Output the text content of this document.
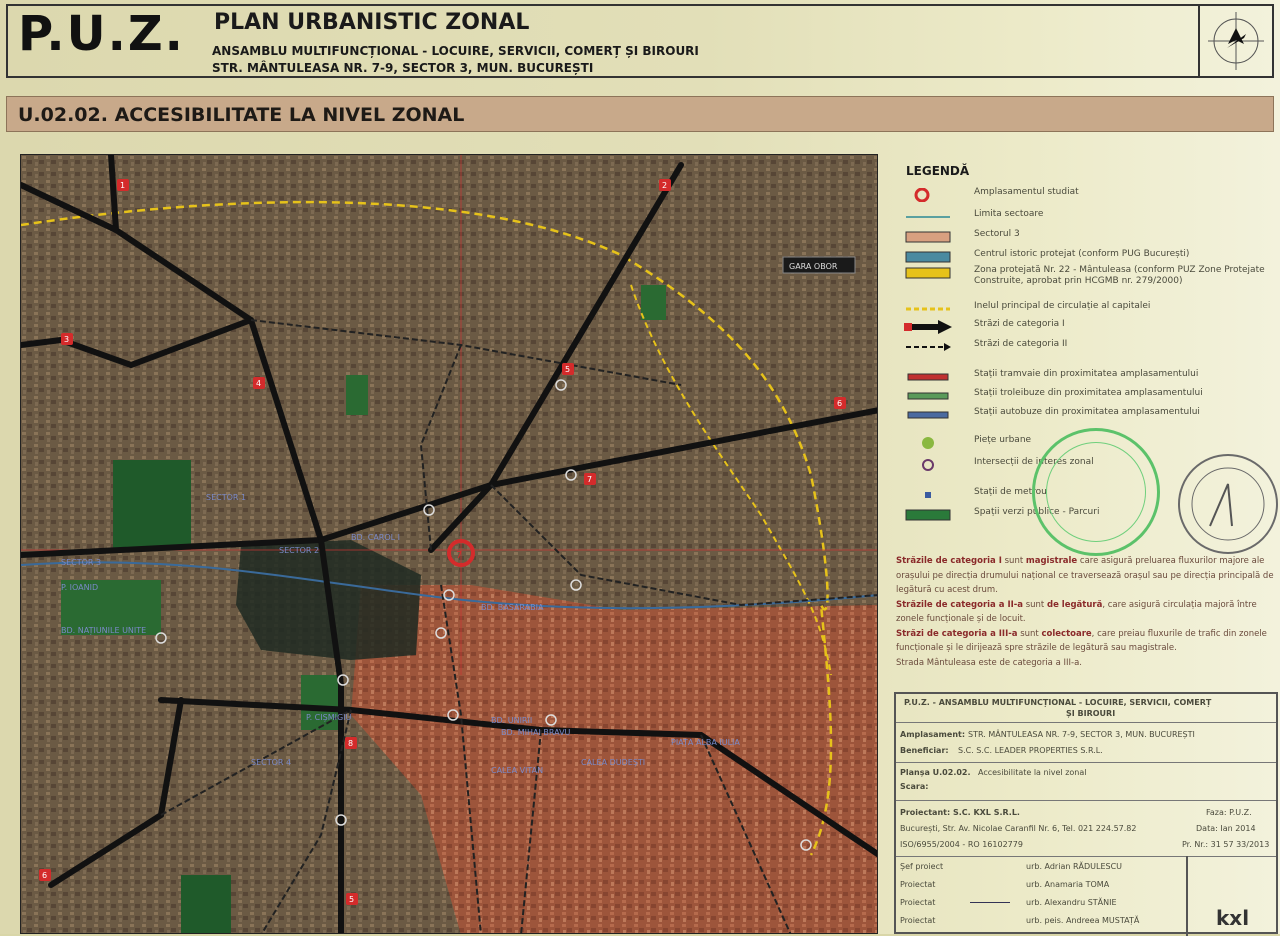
P.U.Z. PLAN URBANISTIC ZONAL
ANSAMBLU MULTIFUNCȚIONAL - LOCUIRE, SERVICII, COMERȚ ȘI BIROURI
STR. MÂNTULEASA NR. 7-9, SECTOR 3, MUN. BUCUREȘTI
U.02.02. ACCESIBILITATE LA NIVEL ZONAL
7
1	2
3
4
5
6
7
8
6
5
GARA OBOR
SECTOR 1
SECTOR 2
SECTOR 4
BD. NAȚIUNILE UNITE
BD. UNIRII
BD. BASARABIA
BD. MIHAI BRAVU
PIAȚA ALBA IULIA
CALEA DUDEȘTI
CALEA VITAN
BD. CAROL I
SECTOR 3
P. IOANID
P. CIȘMIGIU
LEGENDĂ
Amplasamentul studiat
Limita sectoare
Sectorul 3
Centrul istoric protejat (conform PUG București)
Zona protejată Nr. 22 - Mântuleasa (conform PUZ Zone Protejate Construite, aprobat prin HCGMB nr. 279/2000)
Inelul principal de circulație al capitalei
Străzi de categoria I
Străzi de categoria II
Stații tramvaie din proximitatea amplasamentului
Stații troleibuze din proximitatea amplasamentului
Stații autobuze din proximitatea amplasamentului
Piețe urbane
Intersecții de interes zonal
Stații de metrou
Spații verzi publice - Parcuri
Străzile de categoria I sunt magistrale care asigură preluarea fluxurilor majore ale orașului pe direcția drumului național ce traversează orașul sau pe direcția principală de legătură cu acest drum.
Străzile de categoria a II-a sunt de legătură, care asigură circulația majoră între zonele funcționale și de locuit.
Străzi de categoria a III-a sunt colectoare, care preiau fluxurile de trafic din zonele funcționale și le dirijează spre străzile de legătură sau magistrale.
Strada Mântuleasa este de categoria a III-a.
P.U.Z. - ANSAMBLU MULTIFUNCȚIONAL - LOCUIRE, SERVICII, COMERȚ
ȘI BIROURI
Amplasament: STR. MÂNTULEASA NR. 7-9, SECTOR 3, MUN. BUCUREȘTI
Beneficiar: S.C. S.C. LEADER PROPERTIES S.R.L.
Planșa U.02.02. Accesibilitate la nivel zonal
Scara:
Proiectant: S.C. KXL S.R.L.	Faza: P.U.Z.
București, Str. Av. Nicolae Caranfil Nr. 6, Tel. 021 224.57.82	Data: Ian 2014
ISO/6955/2004 - RO 16102779	Pr. Nr.: 31 57 33/2013
Șef proiect	urb. Adrian RĂDULESCU
Proiectat	urb. Anamaria TOMA
Proiectat	urb. Alexandru STĂNIE
Proiectat	urb. peis. Andreea MUSTAȚĂ	kxl
